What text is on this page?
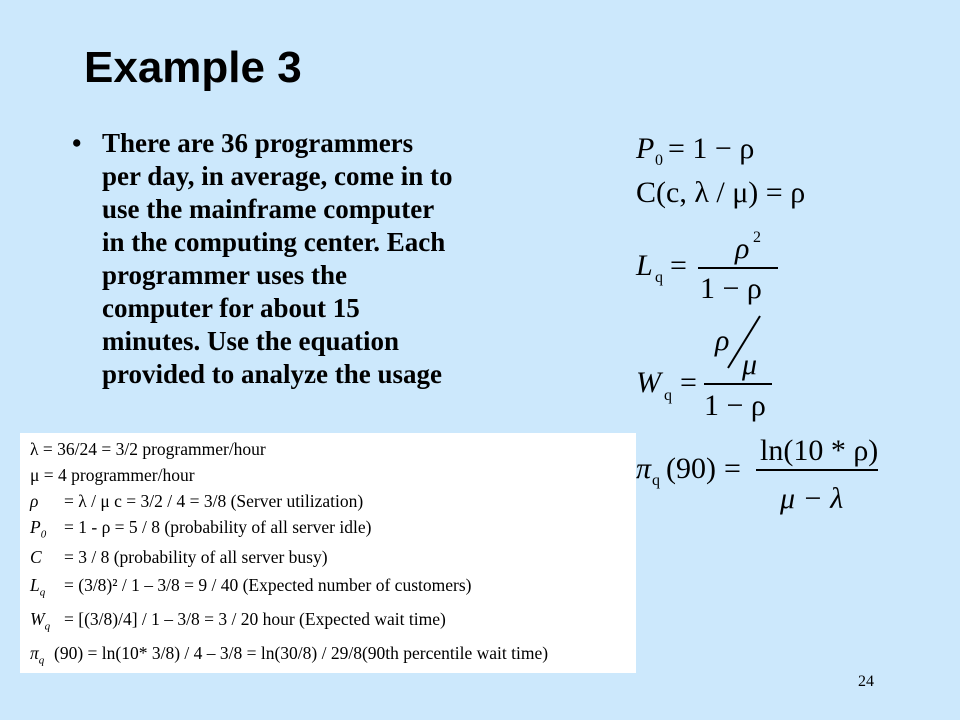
Example 3
• There are 36 programmers
per day, in average, come in to
use the mainframe computer
in the computing center. Each
programmer uses the
computer for about 15
minutes. Use the equation
provided to analyze the usage
P 0 = 1 − ρ
C(c, λ / μ) = ρ
L q =
ρ 2
1 − ρ
W q =
ρ
μ
1 − ρ
π q (90) =
ln(10 * ρ)
μ − λ
λ = 36/24 = 3/2 programmer/hour
μ = 4 programmer/hour
ρ = λ / μ c = 3/2 / 4 = 3/8 (Server utilization)
$P_0 = 1 - \rho = 5 / 8$ (probability of all server idle)
C = 3 / 8 (probability of all server busy)
$L_q = (3/8)^2 / 1 - 3/8 = 9 / 40$ (Expected number of customers)
$W_q = [(3/8)/4] / 1 - 3/8 = 3 / 20$ hour (Expected wait time)
$\pi_q$ (90) = ln(10* 3/8) / 4 – 3/8 = ln(30/8) / 29/8(90th percentile wait time)
24
